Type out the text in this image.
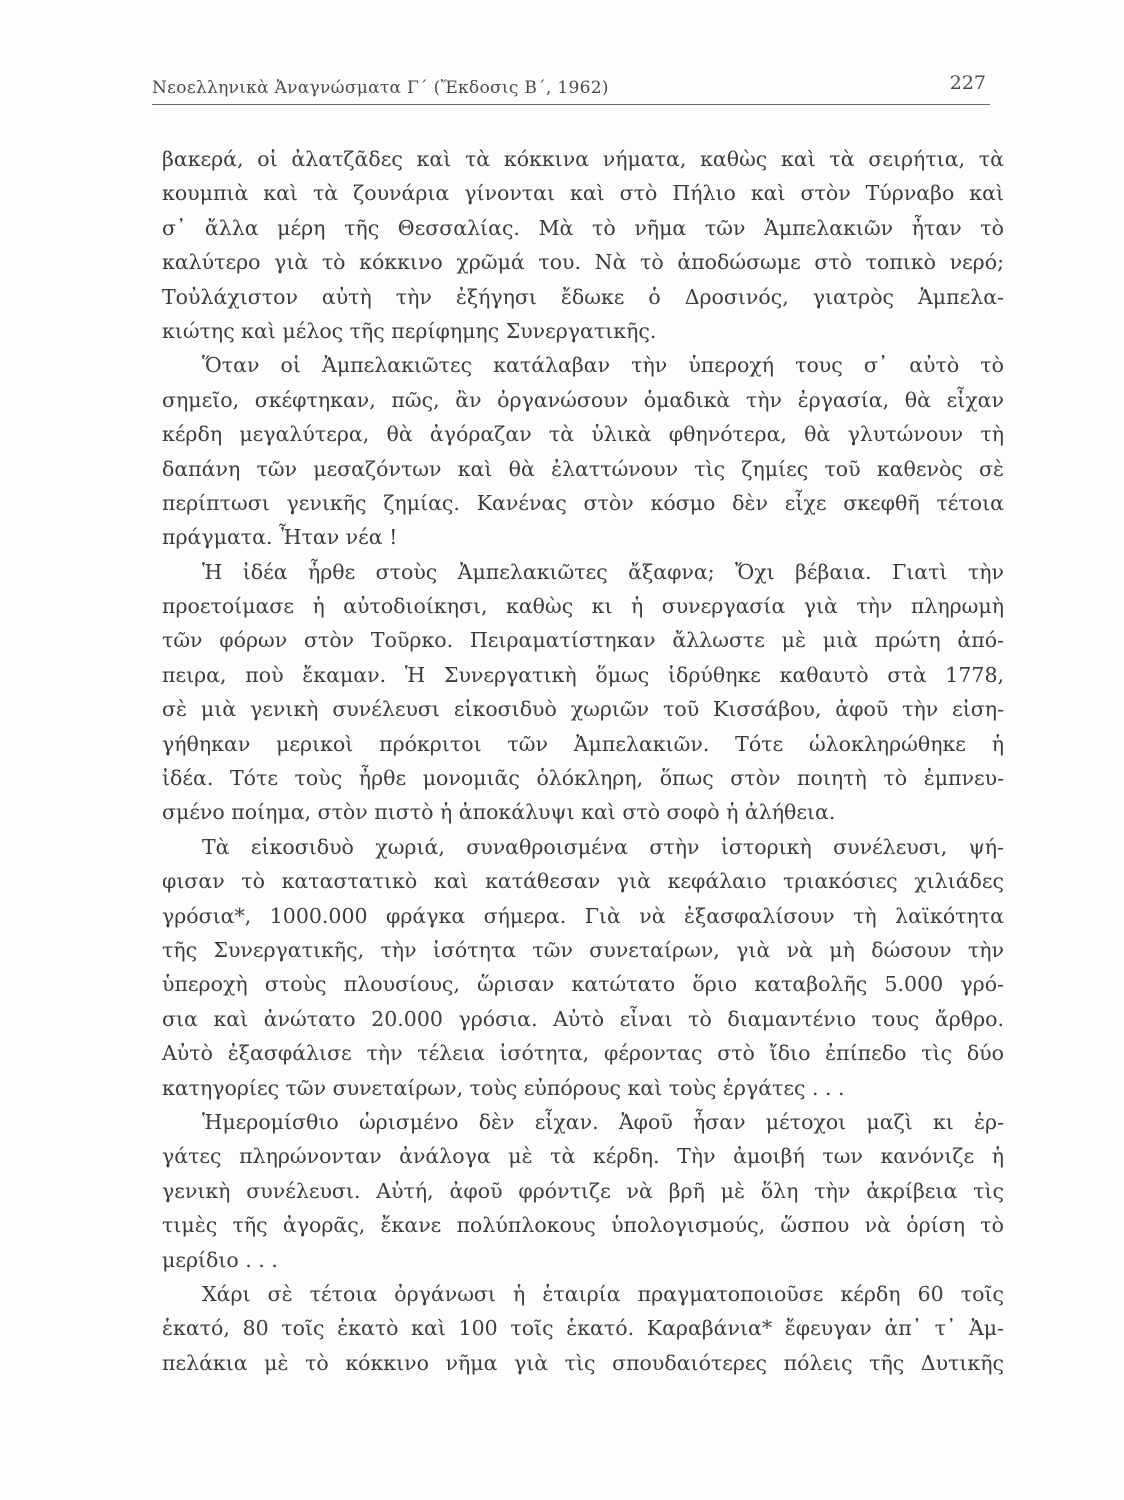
Νεοελληνικὰ Ἀναγνώσματα Γ΄ (Ἔκδοσις Β΄, 1962)	227
βακερά, οἱ ἀλατζᾶδες καὶ τὰ κόκκινα νήματα, καθὼς καὶ τὰ σειρήτια, τὰ
κουμπιὰ καὶ τὰ ζουνάρια γίνονται καὶ στὸ Πήλιο καὶ στὸν Τύρναβο καὶ
σ᾽ ἄλλα μέρη τῆς Θεσσαλίας. Μὰ τὸ νῆμα τῶν Ἀμπελακιῶν ἦταν τὸ
καλύτερο γιὰ τὸ κόκκινο χρῶμά του. Νὰ τὸ ἀποδώσωμε στὸ τοπικὸ νερό;
Τοὐλάχιστον αὐτὴ τὴν ἐξήγησι ἔδωκε ὁ Δροσινός, γιατρὸς Ἀμπελα-
κιώτης καὶ μέλος τῆς περίφημης Συνεργατικῆς.
Ὅταν οἱ Ἀμπελακιῶτες κατάλαβαν τὴν ὑπεροχή τους σ᾽ αὐτὸ τὸ
σημεῖο, σκέφτηκαν, πῶς, ἂν ὀργανώσουν ὁμαδικὰ τὴν ἐργασία, θὰ εἶχαν
κέρδη μεγαλύτερα, θὰ ἀγόραζαν τὰ ὑλικὰ φθηνότερα, θὰ γλυτώνουν τὴ
δαπάνη τῶν μεσαζόντων καὶ θὰ ἐλαττώνουν τὶς ζημίες τοῦ καθενὸς σὲ
περίπτωσι γενικῆς ζημίας. Κανένας στὸν κόσμο δὲν εἶχε σκεφθῆ τέτοια
πράγματα. Ἦταν νέα !
Ἡ ἰδέα ἦρθε στοὺς Ἀμπελακιῶτες ἄξαφνα; Ὄχι βέβαια. Γιατὶ τὴν
προετοίμασε ἡ αὐτοδιοίκησι, καθὼς κι ἡ συνεργασία γιὰ τὴν πληρωμὴ
τῶν φόρων στὸν Τοῦρκο. Πειραματίστηκαν ἄλλωστε μὲ μιὰ πρώτη ἀπό-
πειρα, ποὺ ἔκαμαν. Ἡ Συνεργατικὴ ὅμως ἱδρύθηκε καθαυτὸ στὰ 1778,
σὲ μιὰ γενικὴ συνέλευσι εἰκοσιδυὸ χωριῶν τοῦ Κισσάβου, ἀφοῦ τὴν εἰση-
γήθηκαν μερικοὶ πρόκριτοι τῶν Ἀμπελακιῶν. Τότε ὡλοκληρώθηκε ἡ
ἰδέα. Τότε τοὺς ἦρθε μονομιᾶς ὁλόκληρη, ὅπως στὸν ποιητὴ τὸ ἐμπνευ-
σμένο ποίημα, στὸν πιστὸ ἡ ἀποκάλυψι καὶ στὸ σοφὸ ἡ ἀλήθεια.
Τὰ εἰκοσιδυὸ χωριά, συναθροισμένα στὴν ἱστορικὴ συνέλευσι, ψή-
φισαν τὸ καταστατικὸ καὶ κατάθεσαν γιὰ κεφάλαιο τριακόσιες χιλιάδες
γρόσια*, 1000.000 φράγκα σήμερα. Γιὰ νὰ ἐξασφαλίσουν τὴ λαϊκότητα
τῆς Συνεργατικῆς, τὴν ἰσότητα τῶν συνεταίρων, γιὰ νὰ μὴ δώσουν τὴν
ὑπεροχὴ στοὺς πλουσίους, ὥρισαν κατώτατο ὅριο καταβολῆς 5.000 γρό-
σια καὶ ἀνώτατο 20.000 γρόσια. Αὐτὸ εἶναι τὸ διαμαντένιο τους ἄρθρο.
Αὐτὸ ἐξασφάλισε τὴν τέλεια ἰσότητα, φέροντας στὸ ἴδιο ἐπίπεδο τὶς δύο
κατηγορίες τῶν συνεταίρων, τοὺς εὐπόρους καὶ τοὺς ἐργάτες . . .
Ἡμερομίσθιο ὡρισμένο δὲν εἶχαν. Ἀφοῦ ἦσαν μέτοχοι μαζὶ κι ἐρ-
γάτες πληρώνονταν ἀνάλογα μὲ τὰ κέρδη. Τὴν ἀμοιβή των κανόνιζε ἡ
γενικὴ συνέλευσι. Αὐτή, ἀφοῦ φρόντιζε νὰ βρῆ μὲ ὅλη τὴν ἀκρίβεια τὶς
τιμὲς τῆς ἀγορᾶς, ἔκανε πολύπλοκους ὑπολογισμούς, ὥσπου νὰ ὁρίση τὸ
μερίδιο . . .
Χάρι σὲ τέτοια ὀργάνωσι ἡ ἑταιρία πραγματοποιοῦσε κέρδη 60 τοῖς
ἑκατό, 80 τοῖς ἑκατὸ καὶ 100 τοῖς ἑκατό. Καραβάνια* ἔφευγαν ἀπ᾽ τ᾽ Ἀμ-
πελάκια μὲ τὸ κόκκινο νῆμα γιὰ τὶς σπουδαιότερες πόλεις τῆς Δυτικῆς
